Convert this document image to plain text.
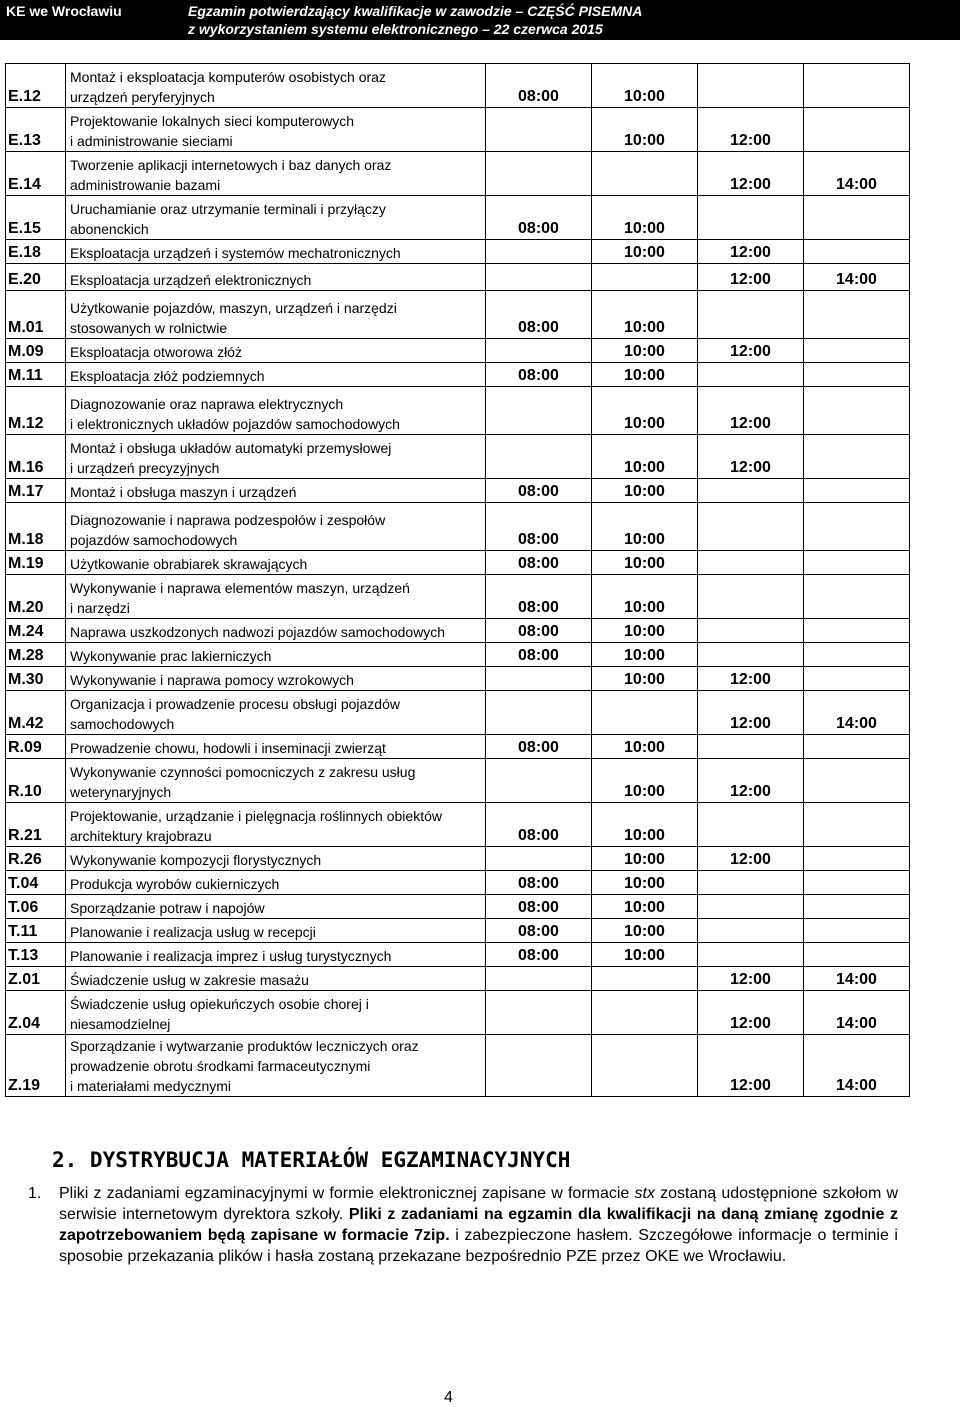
KE we Wrocławiu	Egzamin potwierdzający kwalifikacje w zawodzie – CZĘŚĆ PISEMNA
z wykorzystaniem systemu elektronicznego – 22 czerwca 2015
E.12	Montaż i eksploatacja komputerów osobistych oraz
urządzeń peryferyjnych	08:00	10:00		
E.13	Projektowanie lokalnych sieci komputerowych
i administrowanie sieciami		10:00	12:00	
E.14	Tworzenie aplikacji internetowych i baz danych oraz
administrowanie bazami			12:00	14:00
E.15	Uruchamianie oraz utrzymanie terminali i przyłączy
abonenckich	08:00	10:00		
E.18	Eksploatacja urządzeń i systemów mechatronicznych		10:00	12:00	
E.20	Eksploatacja urządzeń elektronicznych			12:00	14:00
M.01	Użytkowanie pojazdów, maszyn, urządzeń i narzędzi
stosowanych w rolnictwie	08:00	10:00		
M.09	Eksploatacja otworowa złóż		10:00	12:00	
M.11	Eksploatacja złóż podziemnych	08:00	10:00		
M.12	Diagnozowanie oraz naprawa elektrycznych
i elektronicznych układów pojazdów samochodowych		10:00	12:00	
M.16	Montaż i obsługa układów automatyki przemysłowej
i urządzeń precyzyjnych		10:00	12:00	
M.17	Montaż i obsługa maszyn i urządzeń	08:00	10:00		
M.18	Diagnozowanie i naprawa podzespołów i zespołów
pojazdów samochodowych	08:00	10:00		
M.19	Użytkowanie obrabiarek skrawających	08:00	10:00		
M.20	Wykonywanie i naprawa elementów maszyn, urządzeń
i narzędzi	08:00	10:00		
M.24	Naprawa uszkodzonych nadwozi pojazdów samochodowych	08:00	10:00		
M.28	Wykonywanie prac lakierniczych	08:00	10:00		
M.30	Wykonywanie i naprawa pomocy wzrokowych		10:00	12:00	
M.42	Organizacja i prowadzenie procesu obsługi pojazdów
samochodowych			12:00	14:00
R.09	Prowadzenie chowu, hodowli i inseminacji zwierząt	08:00	10:00		
R.10	Wykonywanie czynności pomocniczych z zakresu usług
weterynaryjnych		10:00	12:00	
R.21	Projektowanie, urządzanie i pielęgnacja roślinnych obiektów
architektury krajobrazu	08:00	10:00		
R.26	Wykonywanie kompozycji florystycznych		10:00	12:00	
T.04	Produkcja wyrobów cukierniczych	08:00	10:00		
T.06	Sporządzanie potraw i napojów	08:00	10:00		
T.11	Planowanie i realizacja usług w recepcji	08:00	10:00		
T.13	Planowanie i realizacja imprez i usług turystycznych	08:00	10:00		
Z.01	Świadczenie usług w zakresie masażu			12:00	14:00
Z.04	Świadczenie usług opiekuńczych osobie chorej i
niesamodzielnej			12:00	14:00
Z.19	Sporządzanie i wytwarzanie produktów leczniczych oraz
prowadzenie obrotu środkami farmaceutycznymi
i materiałami medycznymi			12:00	14:00
2. DYSTRYBUCJA MATERIAŁÓW EGZAMINACYJNYCH
1. Pliki z zadaniami egzaminacyjnymi w formie elektronicznej zapisane w formacie stx zostaną udostępnione szkołom w serwisie internetowym dyrektora szkoły. Pliki z zadaniami na egzamin dla kwalifikacji na daną zmianę zgodnie z zapotrzebowaniem będą zapisane w formacie 7zip. i zabezpieczone hasłem. Szczegółowe informacje o terminie i sposobie przekazania plików i hasła zostaną przekazane bezpośrednio PZE przez OKE we Wrocławiu.
4
